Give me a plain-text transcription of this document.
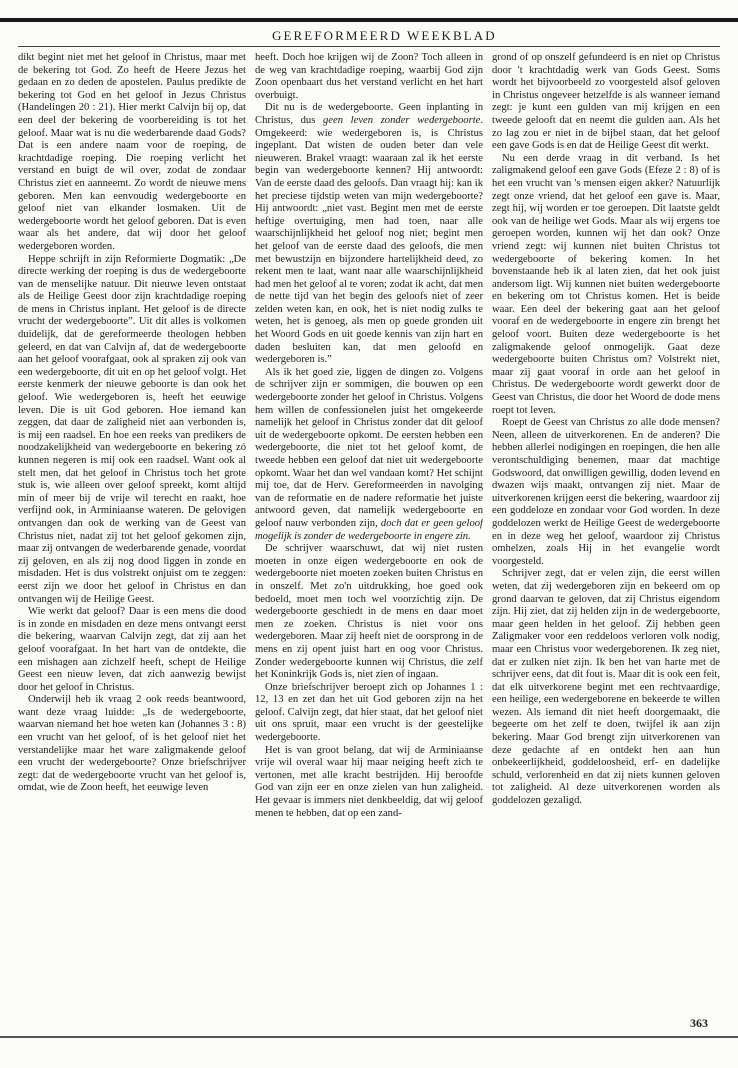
GEREFORMEERD WEEKBLAD

dikt begint niet met het geloof in Christus, maar met de bekering tot God. Zo heeft de Heere Jezus het gedaan en zo deden de apostelen. Paulus predikte de bekering tot God en het geloof in Jezus Christus (Handelingen 20 : 21). Hier merkt Calvijn bij op, dat een deel der bekering de voorbereiding is tot het geloof. Maar wat is nu die wederbarende daad Gods? Dat is een andere naam voor de roeping, de krachtdadige roeping. Die roeping verlicht het verstand en buigt de wil over, zodat de zondaar Christus ziet en aanneemt. Zo wordt de nieuwe mens geboren. Men kan eenvoudig wedergeboorte en geloof niet van elkander losmaken. Uit de wedergeboorte wordt het geloof geboren. Dat is even waar als het andere, dat wij door het geloof wedergeboren worden.

Heppe schrijft in zijn Reformierte Dogmatik: „De directe werking der roeping is dus de wedergeboorte van de menselijke natuur. Dit nieuwe leven ontstaat als de Heilige Geest door zijn krachtdadige roeping de mens in Christus inplant. Het geloof is de directe vrucht der wedergeboorte”. Uit dit alles is volkomen duidelijk, dat de gereformeerde theologen hebben geleerd, en dat van Calvijn af, dat de wedergeboorte aan het geloof voorafgaat, ook al spraken zij ook van een wedergeboorte, dit uit en op het geloof volgt. Het eerste kenmerk der nieuwe geboorte is dan ook het geloof. Wie wedergeboren is, heeft het eeuwige leven. Die is uit God geboren. Hoe iemand kan zeggen, dat daar de zaligheid niet aan verbonden is, is mij een raadsel. En hoe een reeks van predikers de noodzakelijkheid van wedergeboorte en bekering zó kunnen negeren is mij ook een raadsel. Want ook al stelt men, dat het geloof in Christus toch het grote stuk is, wie alleen over geloof spreekt, komt altijd min of meer bij de vrije wil terecht en raakt, hoe verfijnd ook, in Arminiaanse wateren. De gelovigen ontvangen dan ook de werking van de Geest van Christus niet, nadat zij tot het geloof gekomen zijn, maar zij ontvangen de wederbarende genade, voordat zij geloven, en als zij nog dood liggen in zonde en misdaden. Het is dus volstrekt onjuist om te zeggen: eerst zijn we door het geloof in Christus en dan ontvangen wij de Heilige Geest.

Wie werkt dat geloof? Daar is een mens die dood is in zonde en misdaden en deze mens ontvangt eerst die bekering, waarvan Calvijn zegt, dat zij aan het geloof voorafgaat. In het hart van de ontdekte, die een mishagen aan zichzelf heeft, schept de Heilige Geest een nieuw leven, dat zich aanwezig bewijst door het geloof in Christus.

Onderwijl heb ik vraag 2 ook reeds beantwoord, want deze vraag luidde: „Is de wedergeboorte, waarvan niemand het hoe weten kan (Johannes 3 : 8) een vrucht van het geloof, of is het geloof niet het verstandelijke maar het ware zaligmakende geloof een vrucht der wedergeboorte? Onze briefschrijver zegt: dat de wedergeboorte vrucht van het geloof is, omdat, wie de Zoon heeft, het eeuwige leven

heeft. Doch hoe krijgen wij de Zoon? Toch alleen in de weg van krachtdadige roeping, waarbij God zijn Zoon openbaart dus het verstand verlicht en het hart overbuigt.

Dit nu is de wedergeboorte. Geen inplanting in Christus, dus geen leven zonder wedergeboorte. Omgekeerd: wie wedergeboren is, is Christus ingeplant. Dat wisten de ouden beter dan vele nieuweren. Brakel vraagt: waaraan zal ik het eerste begin van wedergeboorte kennen? Hij antwoordt: Van de eerste daad des geloofs. Dan vraagt hij: kan ik het preciese tijdstip weten van mijn wedergeboorte? Hij antwoordt: „niet vast. Begint men met de eerste heftige overtuiging, men had toen, naar alle waarschijnlijkheid het geloof nog niet; begint men het geloof van de eerste daad des geloofs, die men met bewustzijn en bijzondere hartelijkheid deed, zo rekent men te laat, want naar alle waarschijnlijkheid had men het geloof al te voren; zodat ik acht, dat men de nette tijd van het begin des geloofs niet of zeer zelden weten kan, en ook, het is niet nodig zulks te weten, het is genoeg, als men op goede gronden uit het Woord Gods en uit goede kennis van zijn hart en daden besluiten kan, dat men geloofd en wedergeboren is.”

Als ik het goed zie, liggen de dingen zo. Volgens de schrijver zijn er sommigen, die bouwen op een wedergeboorte zonder het geloof in Christus. Volgens hem willen de confessionelen juist het omgekeerde namelijk het geloof in Christus zonder dat dit geloof uit de wedergeboorte opkomt. De eersten hebben een wedergeboorte, die niet tot het geloof komt, de tweede hebben een geloof dat niet uit wedergeboorte opkomt. Waar het dan wel vandaan komt? Het schijnt mij toe, dat de Herv. Gereformeerden in navolging van de reformatie en de nadere reformatie het juiste antwoord geven, dat namelijk wedergeboorte en geloof nauw verbonden zijn, doch dat er geen geloof mogelijk is zonder de wedergeboorte in engere zin.

De schrijver waarschuwt, dat wij niet rusten moeten in onze eigen wedergeboorte en ook de wedergeboorte niet moeten zoeken buiten Christus en in onszelf. Met zo'n uitdrukking, hoe goed ook bedoeld, moet men toch wel voorzichtig zijn. De wedergeboorte geschiedt in de mens en daar moet men ze zoeken. Christus is niet voor ons wedergeboren. Maar zij heeft niet de oorsprong in de mens en zij opent juist hart en oog voor Christus. Zonder wedergeboorte kunnen wij Christus, die zelf het Koninkrijk Gods is, niet zien of ingaan.

Onze briefschrijver beroept zich op Johannes 1 : 12, 13 en zet dan het uit God geboren zijn na het geloof. Calvijn zegt, dat hier staat, dat het geloof niet uit ons spruit, maar een vrucht is der geestelijke wedergeboorte.

Het is van groot belang, dat wij de Arminiaanse vrije wil overal waar hij maar neiging heeft zich te vertonen, met alle kracht bestrijden. Hij beroofde God van zijn eer en onze zielen van hun zaligheid. Het gevaar is immers niet denkbeeldig, dat wij geloof menen te hebben, dat op een zand-

grond of op onszelf gefundeerd is en niet op Christus door 't krachtdadig werk van Gods Geest. Soms wordt het bijvoorbeeld zo voorgesteld alsof geloven in Christus ongeveer hetzelfde is als wanneer iemand zegt: je kunt een gulden van mij krijgen en een tweede gelooft dat en neemt die gulden aan. Als het zo lag zou er niet in de bijbel staan, dat het geloof een gave Gods is en dat de Heilige Geest dit werkt.

Nu een derde vraag in dit verband. Is het zaligmakend geloof een gave Gods (Efeze 2 : 8) of is het een vrucht van 's mensen eigen akker? Natuurlijk zegt onze vriend, dat het geloof een gave is. Maar, zegt hij, wij worden er toe geroepen. Dit laatste geldt ook van de heilige wet Gods. Maar als wij ergens toe geroepen worden, kunnen wij het dan ook? Onze vriend zegt: wij kunnen niet buiten Christus tot wedergeboorte of bekering komen. In het bovenstaande heb ik al laten zien, dat het ook juist andersom ligt. Wij kunnen niet buiten wedergeboorte en bekering om tot Christus komen. Het is beide waar. Een deel der bekering gaat aan het geloof vooraf en de wedergeboorte in engere zin brengt het geloof voort. Buiten deze wedergeboorte is het zaligmakende geloof onmogelijk. Gaat deze wedergeboorte buiten Christus om? Volstrekt niet, maar zij gaat vooraf in orde aan het geloof in Christus. De wedergeboorte wordt gewerkt door de Geest van Christus, die door het Woord de dode mens roept tot leven.

Roept de Geest van Christus zo alle dode mensen? Neen, alleen de uitverkorenen. En de anderen? Die hebben allerlei nodigingen en roepingen, die hen alle verontschuldiging benemen, maar dat machtige Godswoord, dat onwilligen gewillig, doden levend en dwazen wijs maakt, ontvangen zij niet. Maar de uitverkorenen krijgen eerst die bekering, waardoor zij een goddeloze en zondaar voor God worden. In deze goddelozen werkt de Heilige Geest de wedergeboorte en in deze weg het geloof, waardoor zij Christus omhelzen, zoals Hij in het evangelie wordt voorgesteld.

Schrijver zegt, dat er velen zijn, die eerst willen weten, dat zij wedergeboren zijn en bekeerd om op grond daarvan te geloven, dat zij Christus eigendom zijn. Hij ziet, dat zij helden zijn in de wedergeboorte, maar geen helden in het geloof. Zij hebben geen Zaligmaker voor een reddeloos verloren volk nodig, maar een Christus voor wedergeborenen. Ik zeg niet, dat er zulken niet zijn. Ik ben het van harte met de schrijver eens, dat dit fout is. Maar dit is ook een feit, dat elk uitverkorene begint met een rechtvaardige, een heilige, een wedergeborene en bekeerde te willen wezen. Als iemand dit niet heeft doorgemaakt, die begeerte om het zelf te doen, twijfel ik aan zijn bekering. Maar God brengt zijn uitverkorenen van deze gedachte af en ontdekt hen aan hun onbekeerlijkheid, goddeloosheid, erf- en dadelijke schuld, verlorenheid en dat zij niets kunnen geloven tot zaligheid. Al deze uitverkorenen worden als goddelozen gezaligd.

363
